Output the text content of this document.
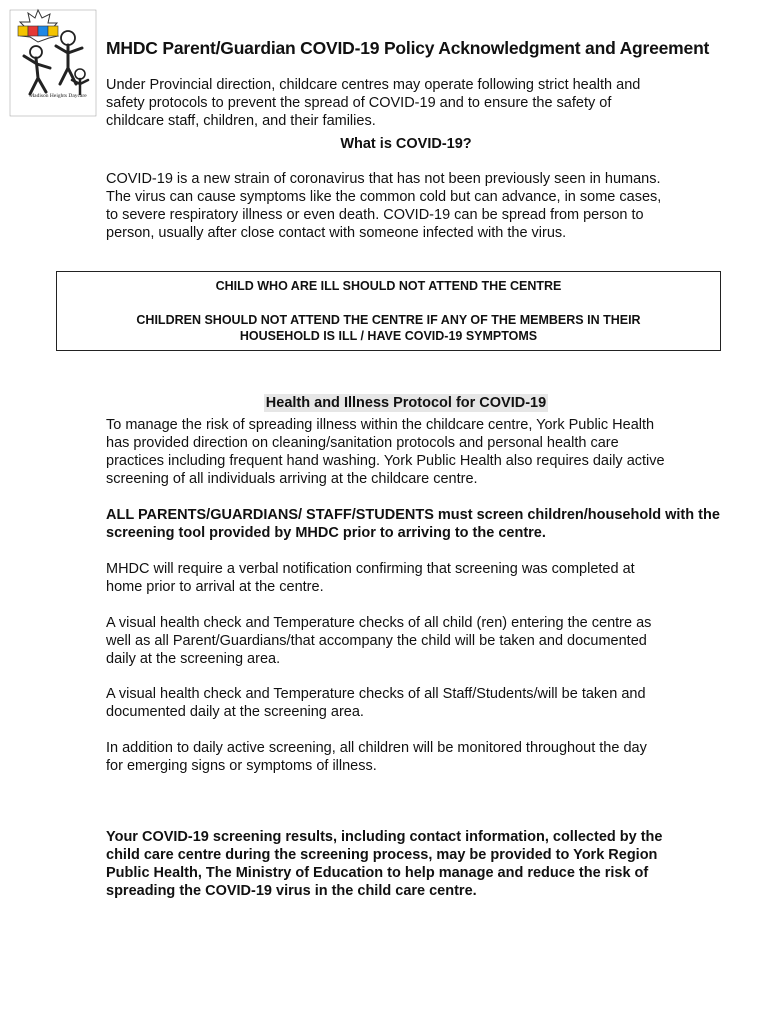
Madison Heights Daycare
MHDC Parent/Guardian COVID-19 Policy Acknowledgment and Agreement

Under Provincial direction, childcare centres may operate following strict health and safety protocols to prevent the spread of COVID-19 and to ensure the safety of childcare staff, children, and their families.

What is COVID-19?

COVID-19 is a new strain of coronavirus that has not been previously seen in humans. The virus can cause symptoms like the common cold but can advance, in some cases, to severe respiratory illness or even death. COVID-19 can be spread from person to person, usually after close contact with someone infected with the virus.

CHILD WHO ARE ILL SHOULD NOT ATTEND THE CENTRE
CHILDREN SHOULD NOT ATTEND THE CENTRE IF ANY OF THE MEMBERS IN THEIR HOUSEHOLD IS ILL / HAVE COVID-19 SYMPTOMS
Health and Illness Protocol for COVID-19

To manage the risk of spreading illness within the childcare centre, York Public Health has provided direction on cleaning/sanitation protocols and personal health care practices including frequent hand washing. York Public Health also requires daily active screening of all individuals arriving at the childcare centre.

ALL PARENTS/GUARDIANS/ STAFF/STUDENTS must screen children/household with the screening tool provided by MHDC prior to arriving to the centre.

MHDC will require a verbal notification confirming that screening was completed at home prior to arrival at the centre.

A visual health check and Temperature checks of all child (ren) entering the centre as well as all Parent/Guardians/that accompany the child will be taken and documented daily at the screening area.

A visual health check and Temperature checks of all Staff/Students/will be taken and documented daily at the screening area.

In addition to daily active screening, all children will be monitored throughout the day for emerging signs or symptoms of illness.

Your COVID-19 screening results, including contact information, collected by the child care centre during the screening process, may be provided to York Region Public Health, The Ministry of Education to help manage and reduce the risk of spreading the COVID-19 virus in the child care centre.
